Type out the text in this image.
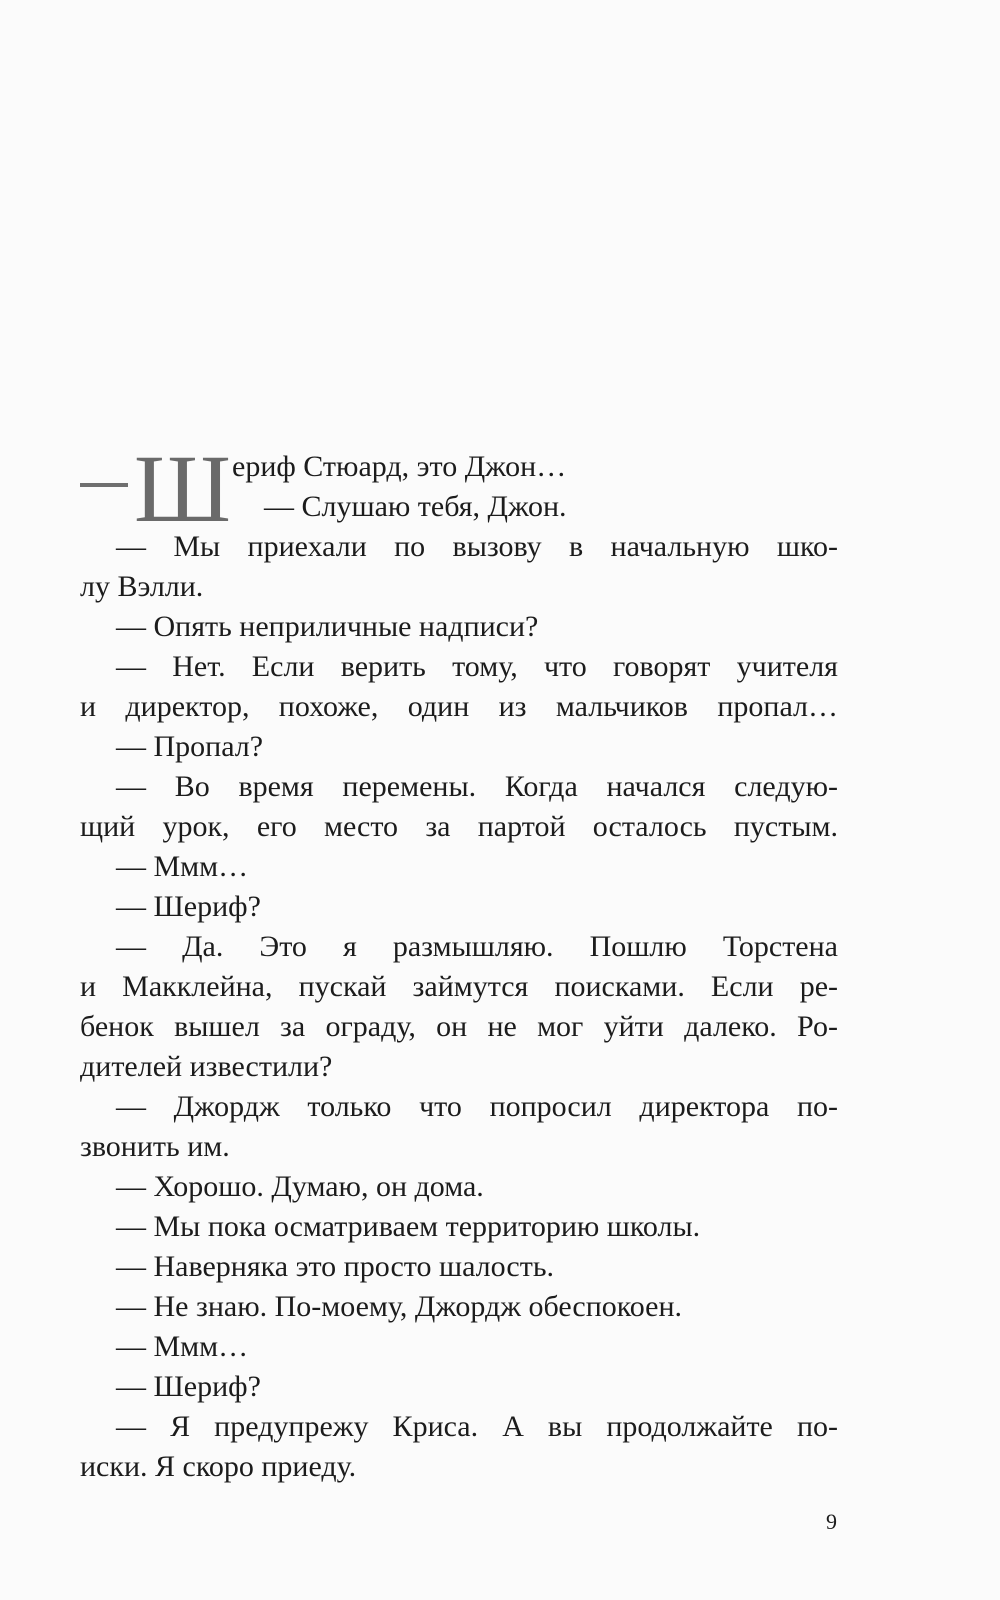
Ш ериф Стюард, это Джон…
— Слушаю тебя, Джон.
— Мы приехали по вызову в начальную шко-
лу Вэлли.
— Опять неприличные надписи?
— Нет. Если верить тому, что говорят учителя
и директор, похоже, один из мальчиков пропал…
— Пропал?
— Во время перемены. Когда начался следую-
щий урок, его место за партой осталось пустым.
— Ммм…
— Шериф?
— Да. Это я размышляю. Пошлю Торстена
и Макклейна, пускай займутся поисками. Если ре-
бенок вышел за ограду, он не мог уйти далеко. Ро-
дителей известили?
— Джордж только что попросил директора по-
звонить им.
— Хорошо. Думаю, он дома.
— Мы пока осматриваем территорию школы.
— Наверняка это просто шалость.
— Не знаю. По-моему, Джордж обеспокоен.
— Ммм…
— Шериф?
— Я предупрежу Криса. А вы продолжайте по-
иски. Я скоро приеду.
9
